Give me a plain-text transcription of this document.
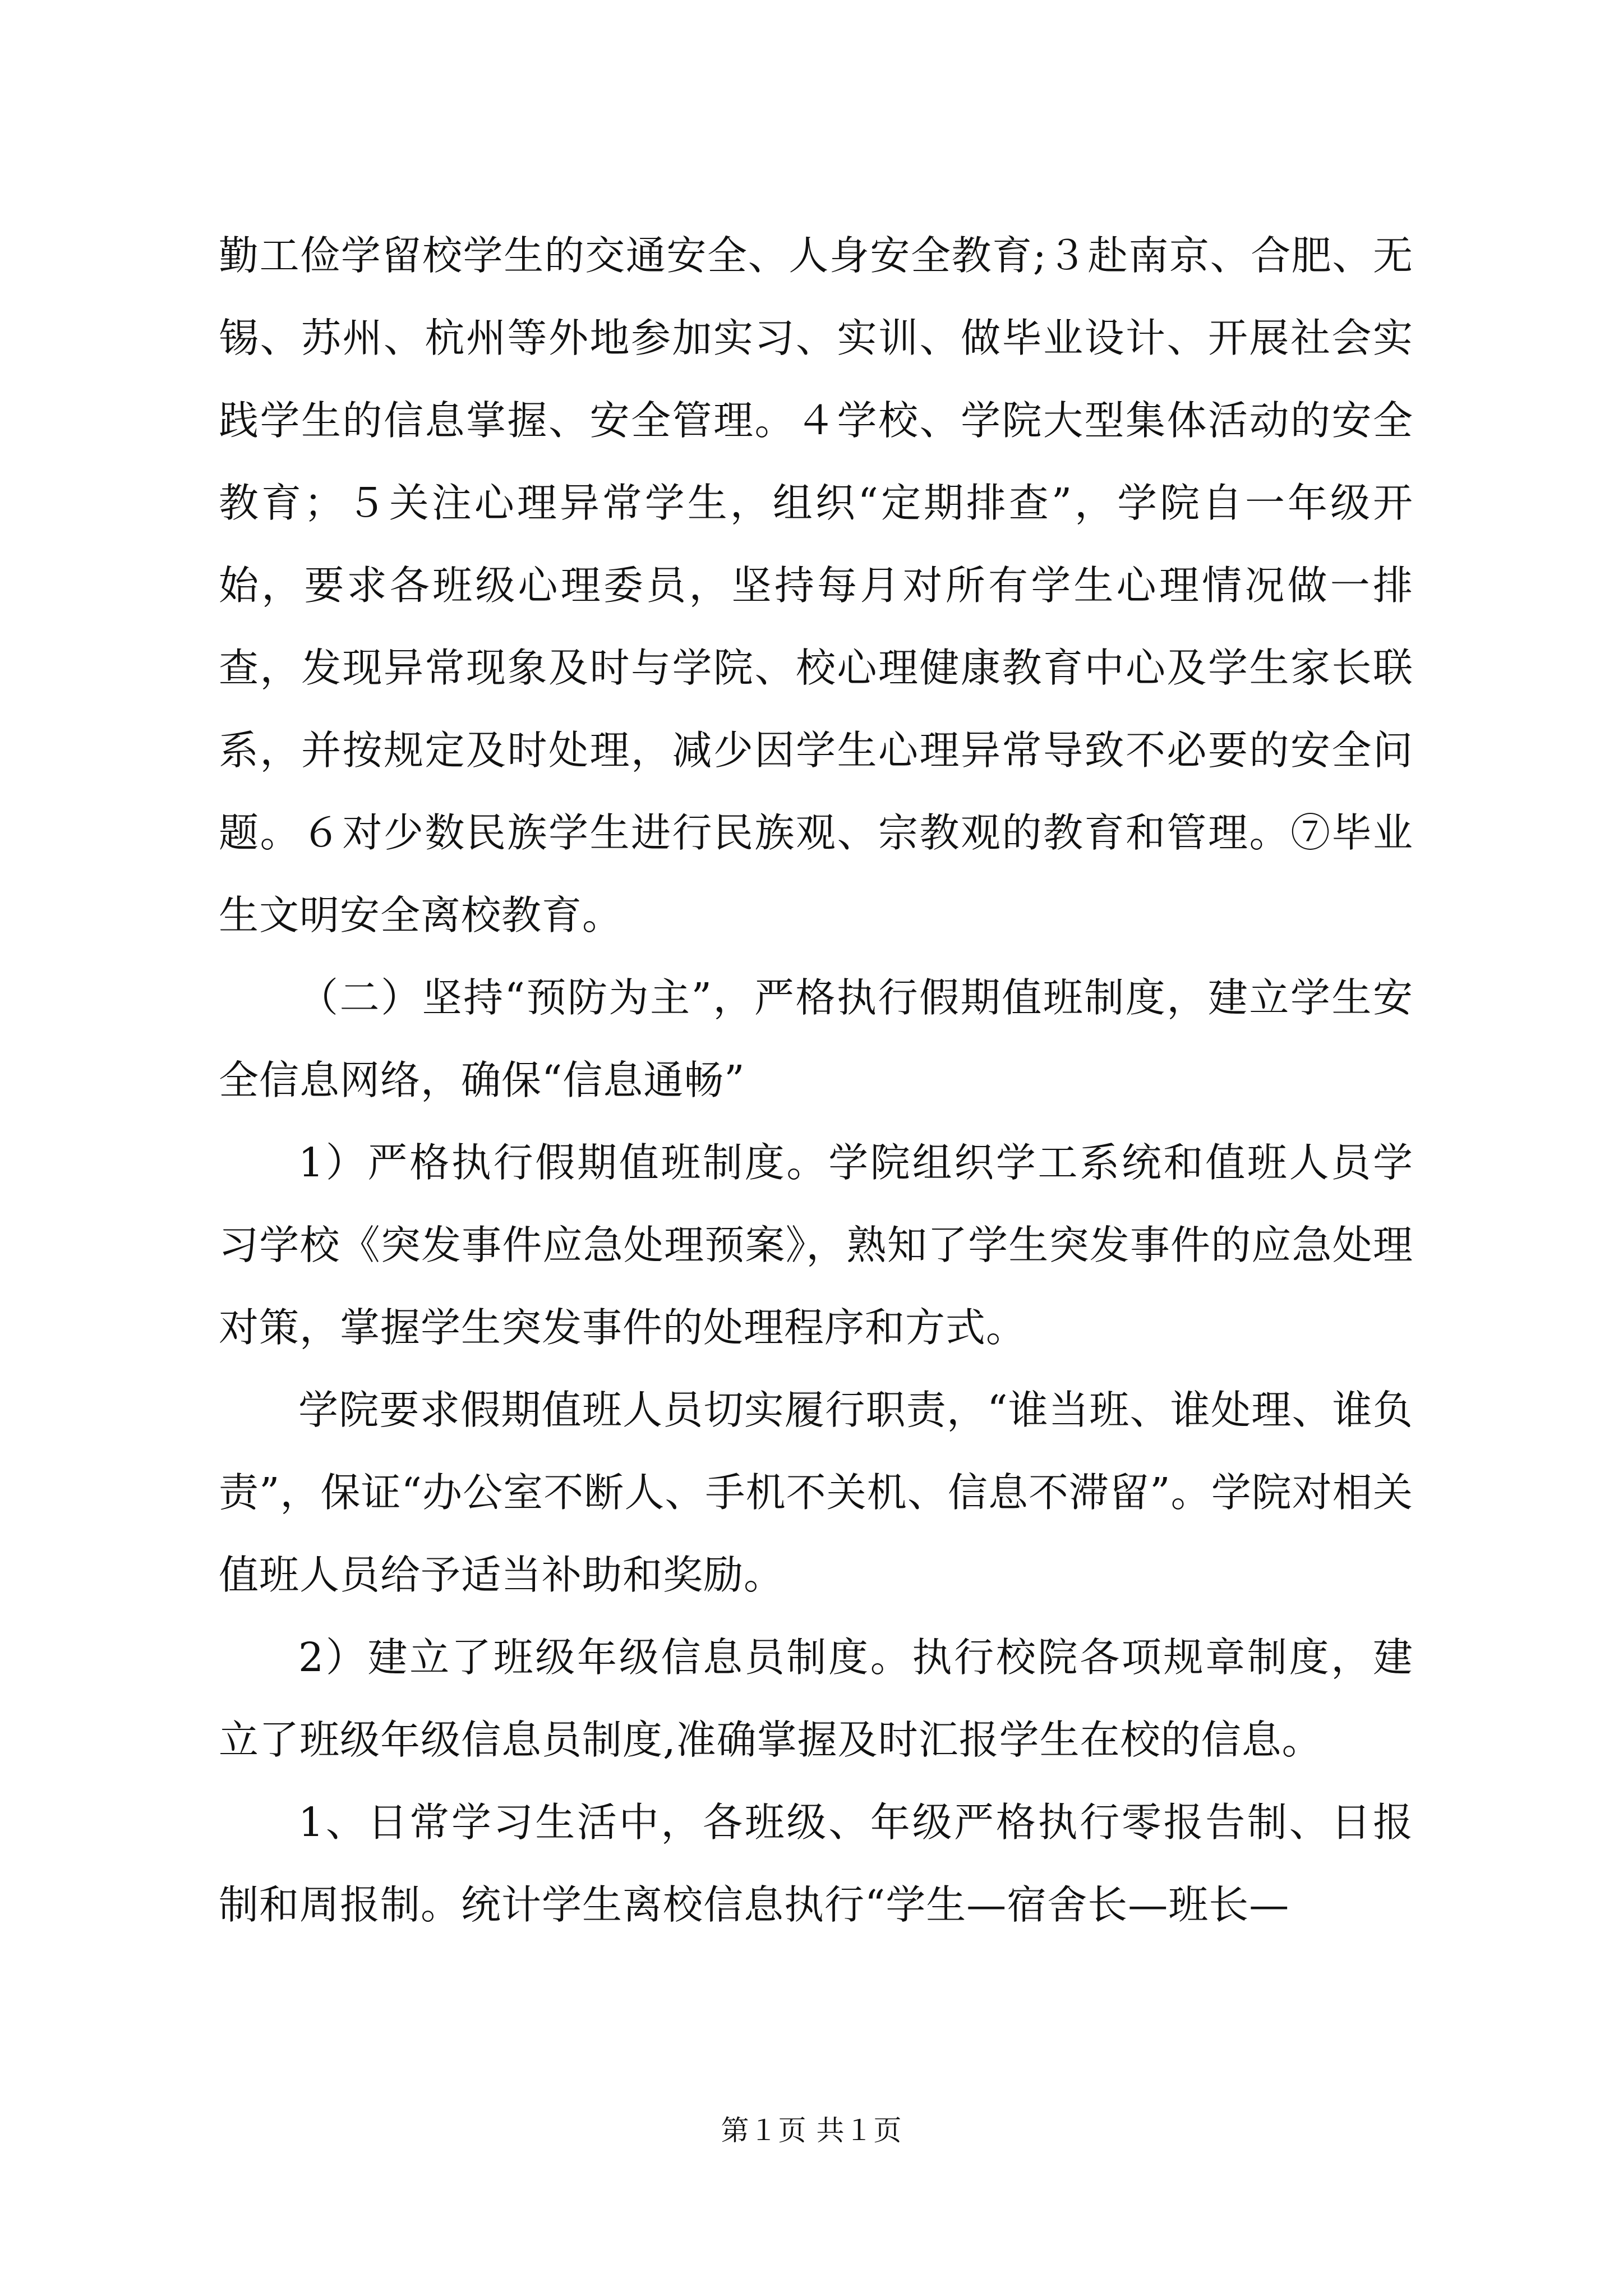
勤工俭学留校学生的交通安全、人身安全教育;３赴南京、合肥、无锡、苏州、杭州等外地参加实习、实训、做毕业设计、开展社会实践学生的信息掌握、安全管理。４学校、学院大型集体活动的安全教育；５关注心理异常学生，组织“定期排查”，学院自一年级开始，要求各班级心理委员，坚持每月对所有学生心理情况做一排查，发现异常现象及时与学院、校心理健康教育中心及学生家长联系，并按规定及时处理，减少因学生心理异常导致不必要的安全问题。６对少数民族学生进行民族观、宗教观的教育和管理。⑦毕业生文明安全离校教育。

（二）坚持“预防为主”，严格执行假期值班制度，建立学生安全信息网络，确保“信息通畅”

1）严格执行假期值班制度。学院组织学工系统和值班人员学习学校《突发事件应急处理预案》，熟知了学生突发事件的应急处理对策，掌握学生突发事件的处理程序和方式。

学院要求假期值班人员切实履行职责，“谁当班、谁处理、谁负责”，保证“办公室不断人、手机不关机、信息不滞留”。学院对相关值班人员给予适当补助和奖励。

2）建立了班级年级信息员制度。执行校院各项规章制度，建立了班级年级信息员制度,准确掌握及时汇报学生在校的信息。

1、日常学习生活中，各班级、年级严格执行零报告制、日报制和周报制。统计学生离校信息执行“学生—宿舍长—班长—

第１页 共１页
